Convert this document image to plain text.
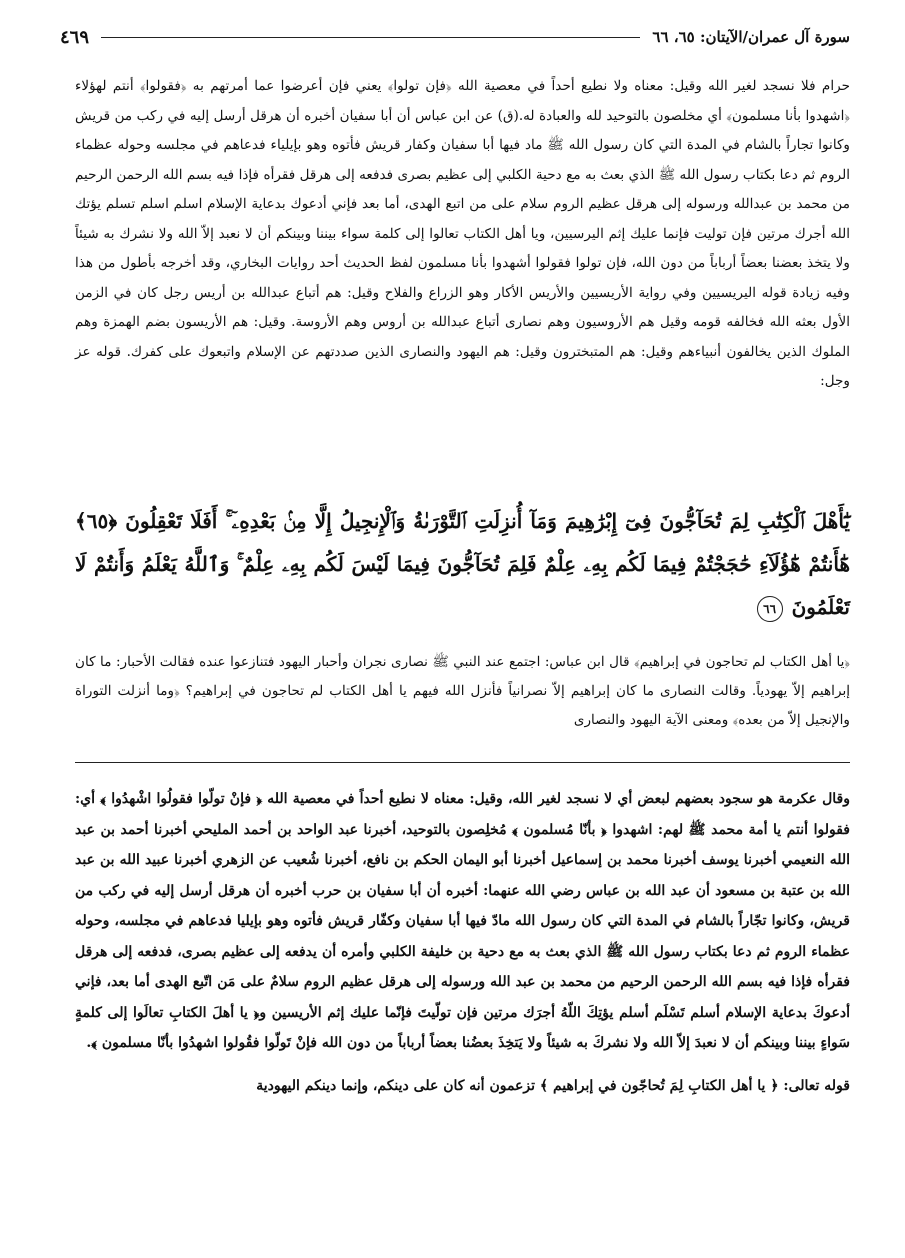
سورة آل عمران/الآيتان: ٦٥، ٦٦
٤٦٩

حرام فلا نسجد لغير الله وقيل: معناه ولا نطيع أحداً في معصية الله ﴿فإن تولوا﴾ يعني فإن أعرضوا عما أمرتهم به ﴿فقولوا﴾ أنتم لهؤلاء ﴿اشهدوا بأنا مسلمون﴾ أي مخلصون بالتوحيد لله والعبادة له.(ق) عن ابن عباس أن أبا سفيان أخبره أن هرقل أرسل إليه في ركب من قريش وكانوا تجاراً بالشام في المدة التي كان رسول الله ﷺ ماد فيها أبا سفيان وكفار قريش فأتوه وهو بإيلياء فدعاهم في مجلسه وحوله عظماء الروم ثم دعا بكتاب رسول الله ﷺ الذي بعث به مع دحية الكلبي إلى عظيم بصرى فدفعه إلى هرقل فقرأه فإذا فيه بسم الله الرحمن الرحيم من محمد بن عبدالله ورسوله إلى هرقل عظيم الروم سلام على من اتبع الهدى، أما بعد فإني أدعوك بدعاية الإسلام اسلم اسلم تسلم يؤتك الله أجرك مرتين فإن توليت فإنما عليك إثم اليرسيين، ويا أهل الكتاب تعالوا إلى كلمة سواء بيننا وبينكم أن لا نعبد إلاّ الله ولا نشرك به شيئاً ولا يتخذ بعضنا بعضاً أرباباً من دون الله، فإن تولوا فقولوا أشهدوا بأنا مسلمون لفظ الحديث أحد روايات البخاري، وقد أخرجه بأطول من هذا وفيه زيادة قوله اليريسيين وفي رواية الأريسيين والأريس الأكار وهو الزراع والفلاح وقيل: هم أتباع عبدالله بن أريس رجل كان في الزمن الأول بعثه الله فخالفه قومه وقيل هم الأروسيون وهم نصارى أتباع عبدالله بن أروس وهم الأروسة. وقيل: هم الأريسون بضم الهمزة وهم الملوك الذين يخالفون أنبياءهم وقيل: هم المتبخترون وقيل: هم اليهود والنصارى الذين صددتهم عن الإسلام واتبعوك على كفرك. قوله عز وجل:

يَٰٓأَهْلَ ٱلْكِتَٰبِ لِمَ تُحَآجُّونَ فِىٓ إِبْرَٰهِيمَ وَمَآ أُنزِلَتِ ٱلتَّوْرَىٰةُ وَٱلْإِنجِيلُ إِلَّا مِنۢ بَعْدِهِۦٓ ۚ أَفَلَا تَعْقِلُونَ ﴿٦٥﴾ هَٰٓأَنتُمْ هَٰٓؤُلَآءِ حَٰجَجْتُمْ فِيمَا لَكُم بِهِۦ عِلْمٌ فَلِمَ تُحَآجُّونَ فِيمَا لَيْسَ لَكُم بِهِۦ عِلْمٌ ۚ وَٱللَّهُ يَعْلَمُ وَأَنتُمْ لَا تَعْلَمُونَ ٦٦

﴿يا أهل الكتاب لم تحاجون في إبراهيم﴾ قال ابن عباس: اجتمع عند النبي ﷺ نصارى نجران وأحبار اليهود فتنازعوا عنده فقالت الأحبار: ما كان إبراهيم إلاّ يهودياً. وقالت النصارى ما كان إبراهيم إلاّ نصرانياً فأنزل الله فيهم يا أهل الكتاب لم تحاجون في إبراهيم؟ ﴿وما أنزلت التوراة والإنجيل إلاّ من بعده﴾ ومعنى الآية اليهود والنصارى

وقال عكرمة هو سجود بعضهم لبعض أي لا نسجد لغير الله، وقيل: معناه لا نطيع أحداً في معصية الله ﴿ فإنْ تولّوا فقولُوا اشْهدُوا ﴾ أي: فقولوا أنتم يا أمة محمد ﷺ لهم: اشهدوا ﴿ بأنّا مُسلمون ﴾ مُخلِصون بالتوحيد، أخبرنا عبد الواحد بن أحمد المليحي أخبرنا أحمد بن عبد الله النعيمي أخبرنا يوسف أخبرنا محمد بن إسماعيل أخبرنا أبو اليمان الحكم بن نافع، أخبرنا شُعيب عن الزهري أخبرنا عبيد الله بن عبد الله بن عتبة بن مسعود أن عبد الله بن عباس رضي الله عنهما: أخبره أن أبا سفيان بن حرب أخبره أن هرقل أرسل إليه في ركب من قريش، وكانوا تجّاراً بالشام في المدة التي كان رسول الله مادّ فيها أبا سفيان وكفّار قريش فأتوه وهو بإيليا فدعاهم في مجلسه، وحوله عظماء الروم ثم دعا بكتاب رسول الله ﷺ الذي بعث به مع دحية بن خليفة الكلبي وأمره أن يدفعه إلى عظيم بصرى، فدفعه إلى هرقل فقرأه فإذا فيه بسم الله الرحمن الرحيم من محمد بن عبد الله ورسوله إلى هرقل عظيم الروم سلامٌ على مَن اتّبع الهدى أما بعد، فإني أدعوكَ بدعاية الإسلام أسلم تَسْلَم أسلم يؤتِكَ اللّهُ أجرَك مرتين فإن تولّيتَ فإنّما عليك إثم الأريسين و﴿ يا أهلَ الكتابِ تعالَوا إلى كلمةٍ سَواءٍ بيننا وبينكم أن لا نعبدَ إلاّ الله ولا نشركَ به شيئاً ولا يَتخِذَ بعضُنا بعضاً أرباباً من دون الله فإنْ تَولّوا فقُولوا اشهدُوا بأنّا مسلمون ﴾.

قوله تعالى: ﴿ يا أهل الكتابِ لِمَ تُحاجّون في إبراهيم ﴾ تزعمون أنه كان على دينكم، وإنما دينكم اليهودية
